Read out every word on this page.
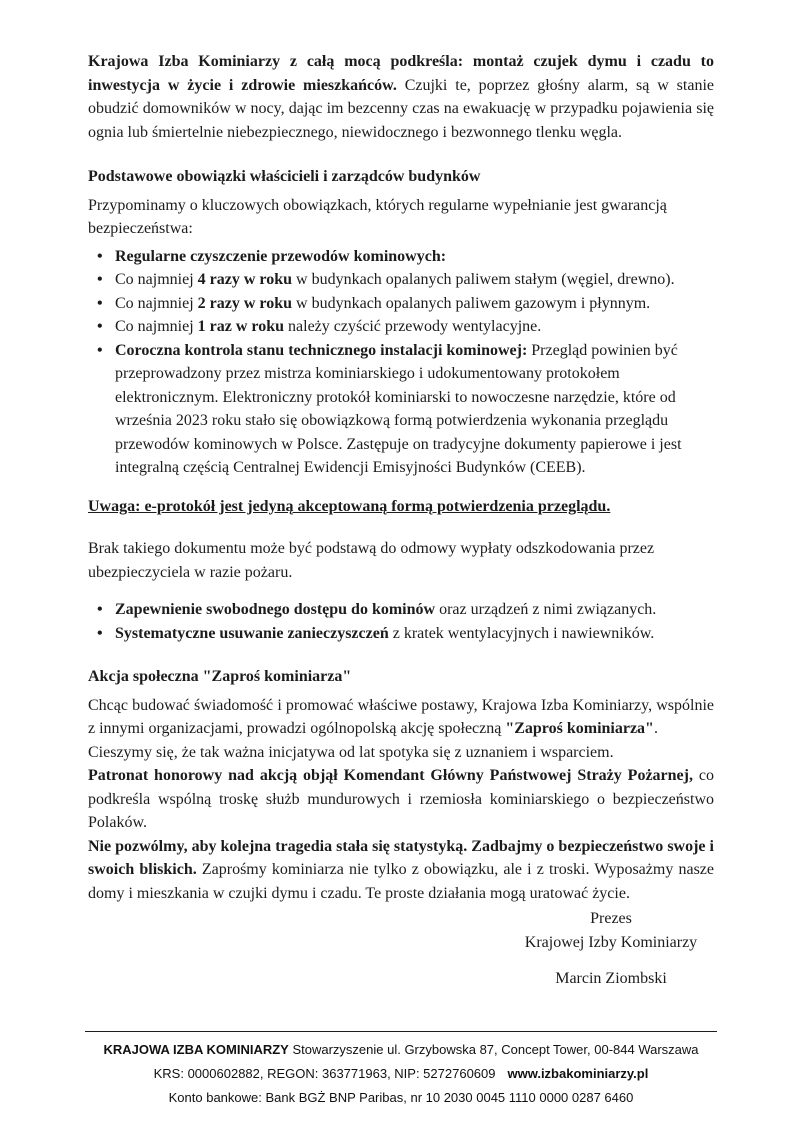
Krajowa Izba Kominiarzy z całą mocą podkreśla: montaż czujek dymu i czadu to inwestycja w życie i zdrowie mieszkańców. Czujki te, poprzez głośny alarm, są w stanie obudzić domowników w nocy, dając im bezcenny czas na ewakuację w przypadku pojawienia się ognia lub śmiertelnie niebezpiecznego, niewidocznego i bezwonnego tlenku węgla.

Podstawowe obowiązki właścicieli i zarządców budynków

Przypominamy o kluczowych obowiązkach, których regularne wypełnianie jest gwarancją bezpieczeństwa:

• Regularne czyszczenie przewodów kominowych:
• Co najmniej 4 razy w roku w budynkach opalanych paliwem stałym (węgiel, drewno).
• Co najmniej 2 razy w roku w budynkach opalanych paliwem gazowym i płynnym.
• Co najmniej 1 raz w roku należy czyścić przewody wentylacyjne.
• Coroczna kontrola stanu technicznego instalacji kominowej: Przegląd powinien być przeprowadzony przez mistrza kominiarskiego i udokumentowany protokołem elektronicznym. Elektroniczny protokół kominiarski to nowoczesne narzędzie, które od września 2023 roku stało się obowiązkową formą potwierdzenia wykonania przeglądu przewodów kominowych w Polsce. Zastępuje on tradycyjne dokumenty papierowe i jest integralną częścią Centralnej Ewidencji Emisyjności Budynków (CEEB).

Uwaga: e-protokół jest jedyną akceptowaną formą potwierdzenia przeglądu.

Brak takiego dokumentu może być podstawą do odmowy wypłaty odszkodowania przez ubezpieczyciela w razie pożaru.

• Zapewnienie swobodnego dostępu do kominów oraz urządzeń z nimi związanych.
• Systematyczne usuwanie zanieczyszczeń z kratek wentylacyjnych i nawiewników.

Akcja społeczna "Zaproś kominiarza"

Chcąc budować świadomość i promować właściwe postawy, Krajowa Izba Kominiarzy, wspólnie z innymi organizacjami, prowadzi ogólnopolską akcję społeczną "Zaproś kominiarza".

Cieszymy się, że tak ważna inicjatywa od lat spotyka się z uznaniem i wsparciem.

Patronat honorowy nad akcją objął Komendant Główny Państwowej Straży Pożarnej, co podkreśla wspólną troskę służb mundurowych i rzemiosła kominiarskiego o bezpieczeństwo Polaków.

Nie pozwólmy, aby kolejna tragedia stała się statystyką. Zadbajmy o bezpieczeństwo swoje i swoich bliskich. Zaprośmy kominiarza nie tylko z obowiązku, ale i z troski. Wyposażmy nasze domy i mieszkania w czujki dymu i czadu. Te proste działania mogą uratować życie.

Prezes
Krajowej Izby Kominiarzy
Marcin Ziombski
KRAJOWA IZBA KOMINIARZY Stowarzyszenie ul. Grzybowska 87, Concept Tower, 00-844 Warszawa
KRS: 0000602882, REGON: 363771963, NIP: 5272760609 www.izbakominiarzy.pl
Konto bankowe: Bank BGŻ BNP Paribas, nr 10 2030 0045 1110 0000 0287 6460
